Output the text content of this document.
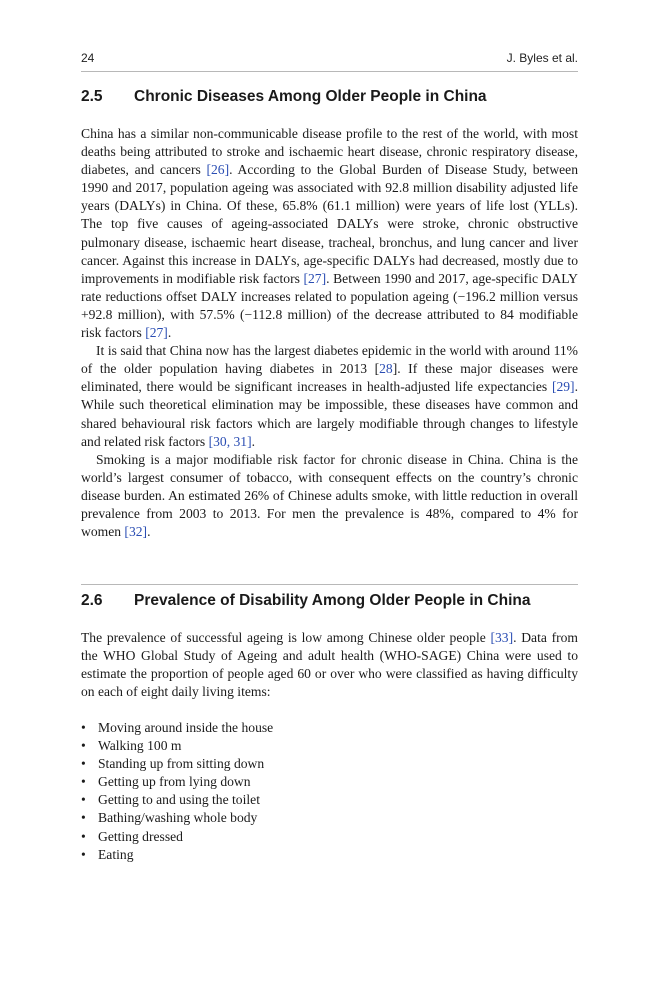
24	J. Byles et al.
2.5 Chronic Diseases Among Older People in China

China has a similar non-communicable disease profile to the rest of the world, with most deaths being attributed to stroke and ischaemic heart disease, chronic respiratory disease, diabetes, and cancers [26]. According to the Global Burden of Disease Study, between 1990 and 2017, population ageing was associated with 92.8 million disability adjusted life years (DALYs) in China. Of these, 65.8% (61.1 million) were years of life lost (YLLs). The top five causes of ageing-associated DALYs were stroke, chronic obstructive pulmonary disease, ischaemic heart disease, tracheal, bronchus, and lung cancer and liver cancer. Against this increase in DALYs, age-specific DALYs had decreased, mostly due to improvements in modifiable risk factors [27]. Between 1990 and 2017, age-specific DALY rate reductions offset DALY increases related to population ageing (−196.2 million versus +92.8 million), with 57.5% (−112.8 million) of the decrease attributed to 84 modifiable risk factors [27].

It is said that China now has the largest diabetes epidemic in the world with around 11% of the older population having diabetes in 2013 [28]. If these major diseases were eliminated, there would be significant increases in health-adjusted life expectancies [29]. While such theoretical elimination may be impossible, these diseases have common and shared behavioural risk factors which are largely modifiable through changes to lifestyle and related risk factors [30, 31].

Smoking is a major modifiable risk factor for chronic disease in China. China is the world’s largest consumer of tobacco, with consequent effects on the country’s chronic disease burden. An estimated 26% of Chinese adults smoke, with little reduction in overall prevalence from 2003 to 2013. For men the prevalence is 48%, compared to 4% for women [32].

2.6 Prevalence of Disability Among Older People in China

The prevalence of successful ageing is low among Chinese older people [33]. Data from the WHO Global Study of Ageing and adult health (WHO-SAGE) China were used to estimate the proportion of people aged 60 or over who were classified as having difficulty on each of eight daily living items:

• Moving around inside the house
• Walking 100 m
• Standing up from sitting down
• Getting up from lying down
• Getting to and using the toilet
• Bathing/washing whole body
• Getting dressed
• Eating
